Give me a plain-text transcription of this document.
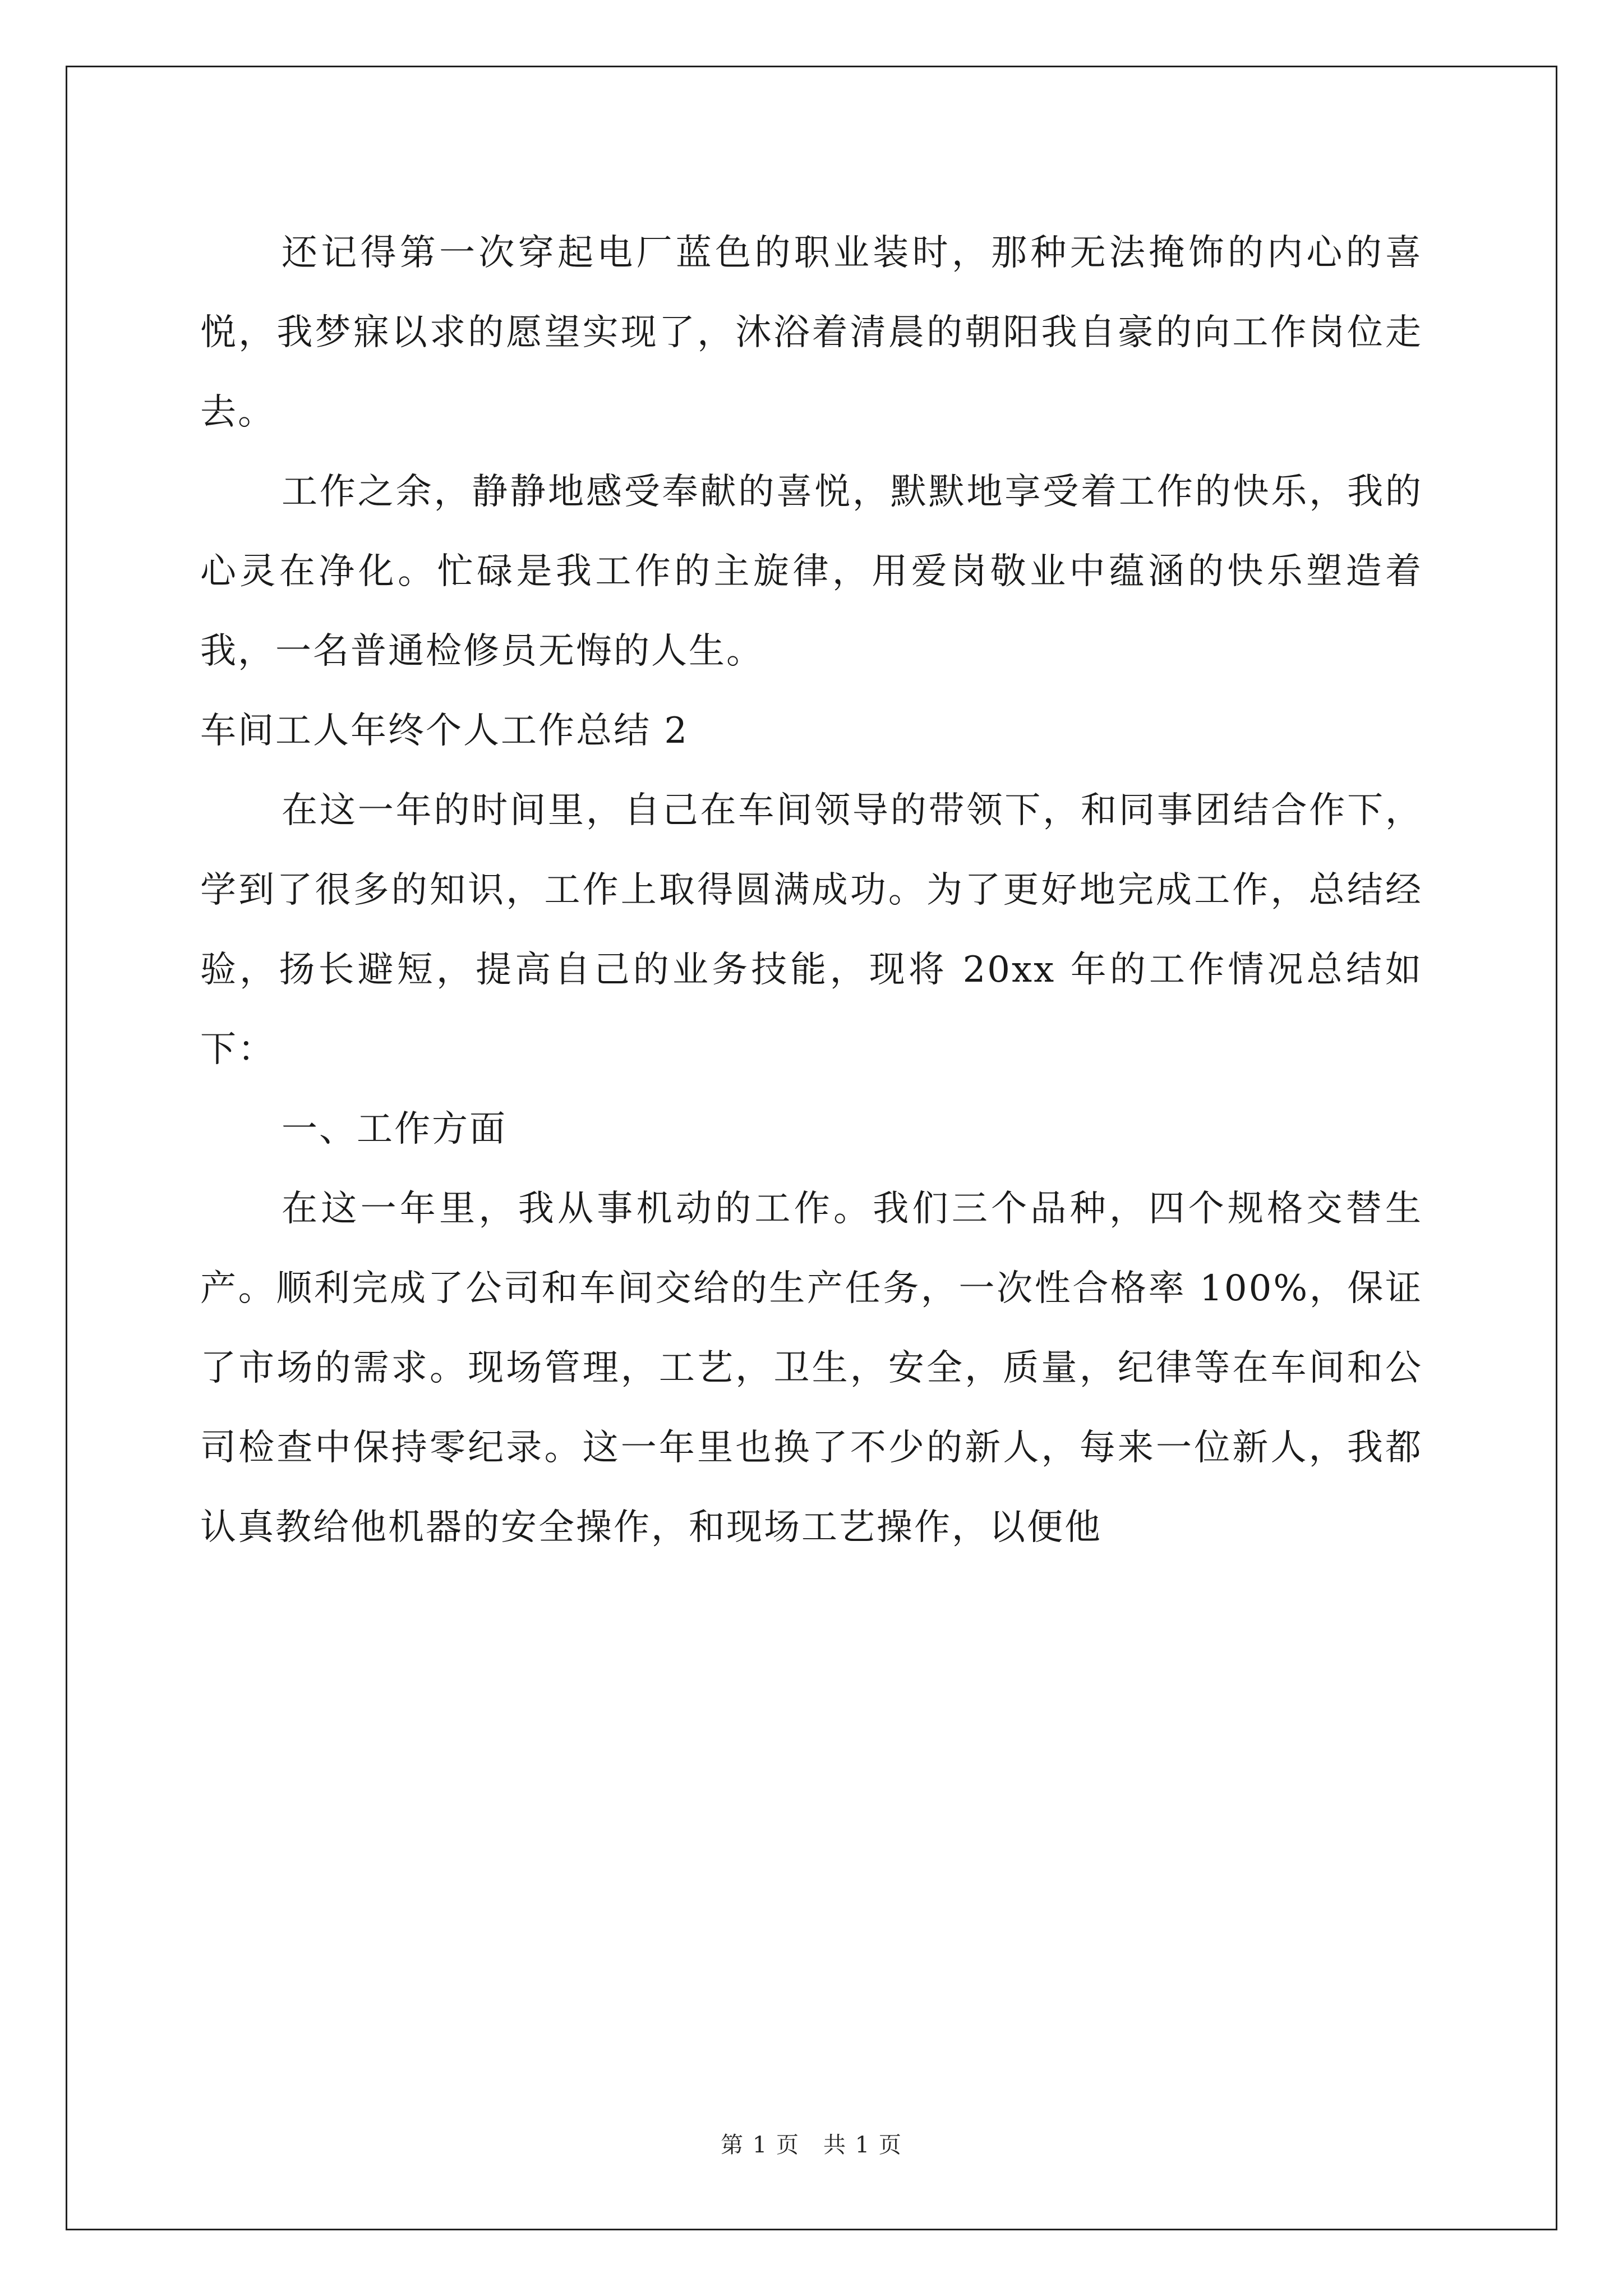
还记得第一次穿起电厂蓝色的职业装时，那种无法掩饰的内心的喜悦，我梦寐以求的愿望实现了，沐浴着清晨的朝阳我自豪的向工作岗位走去。

工作之余，静静地感受奉献的喜悦，默默地享受着工作的快乐，我的心灵在净化。忙碌是我工作的主旋律，用爱岗敬业中蕴涵的快乐塑造着我，一名普通检修员无悔的人生。

车间工人年终个人工作总结 2

在这一年的时间里，自己在车间领导的带领下，和同事团结合作下，学到了很多的知识，工作上取得圆满成功。为了更好地完成工作，总结经验，扬长避短，提高自己的业务技能，现将 20xx 年的工作情况总结如下：

一、工作方面

在这一年里，我从事机动的工作。我们三个品种，四个规格交替生产。顺利完成了公司和车间交给的生产任务，一次性合格率 100%，保证了市场的需求。现场管理，工艺，卫生，安全，质量，纪律等在车间和公司检查中保持零纪录。这一年里也换了不少的新人，每来一位新人，我都认真教给他机器的安全操作，和现场工艺操作，以便他

第 1 页　共 1 页
